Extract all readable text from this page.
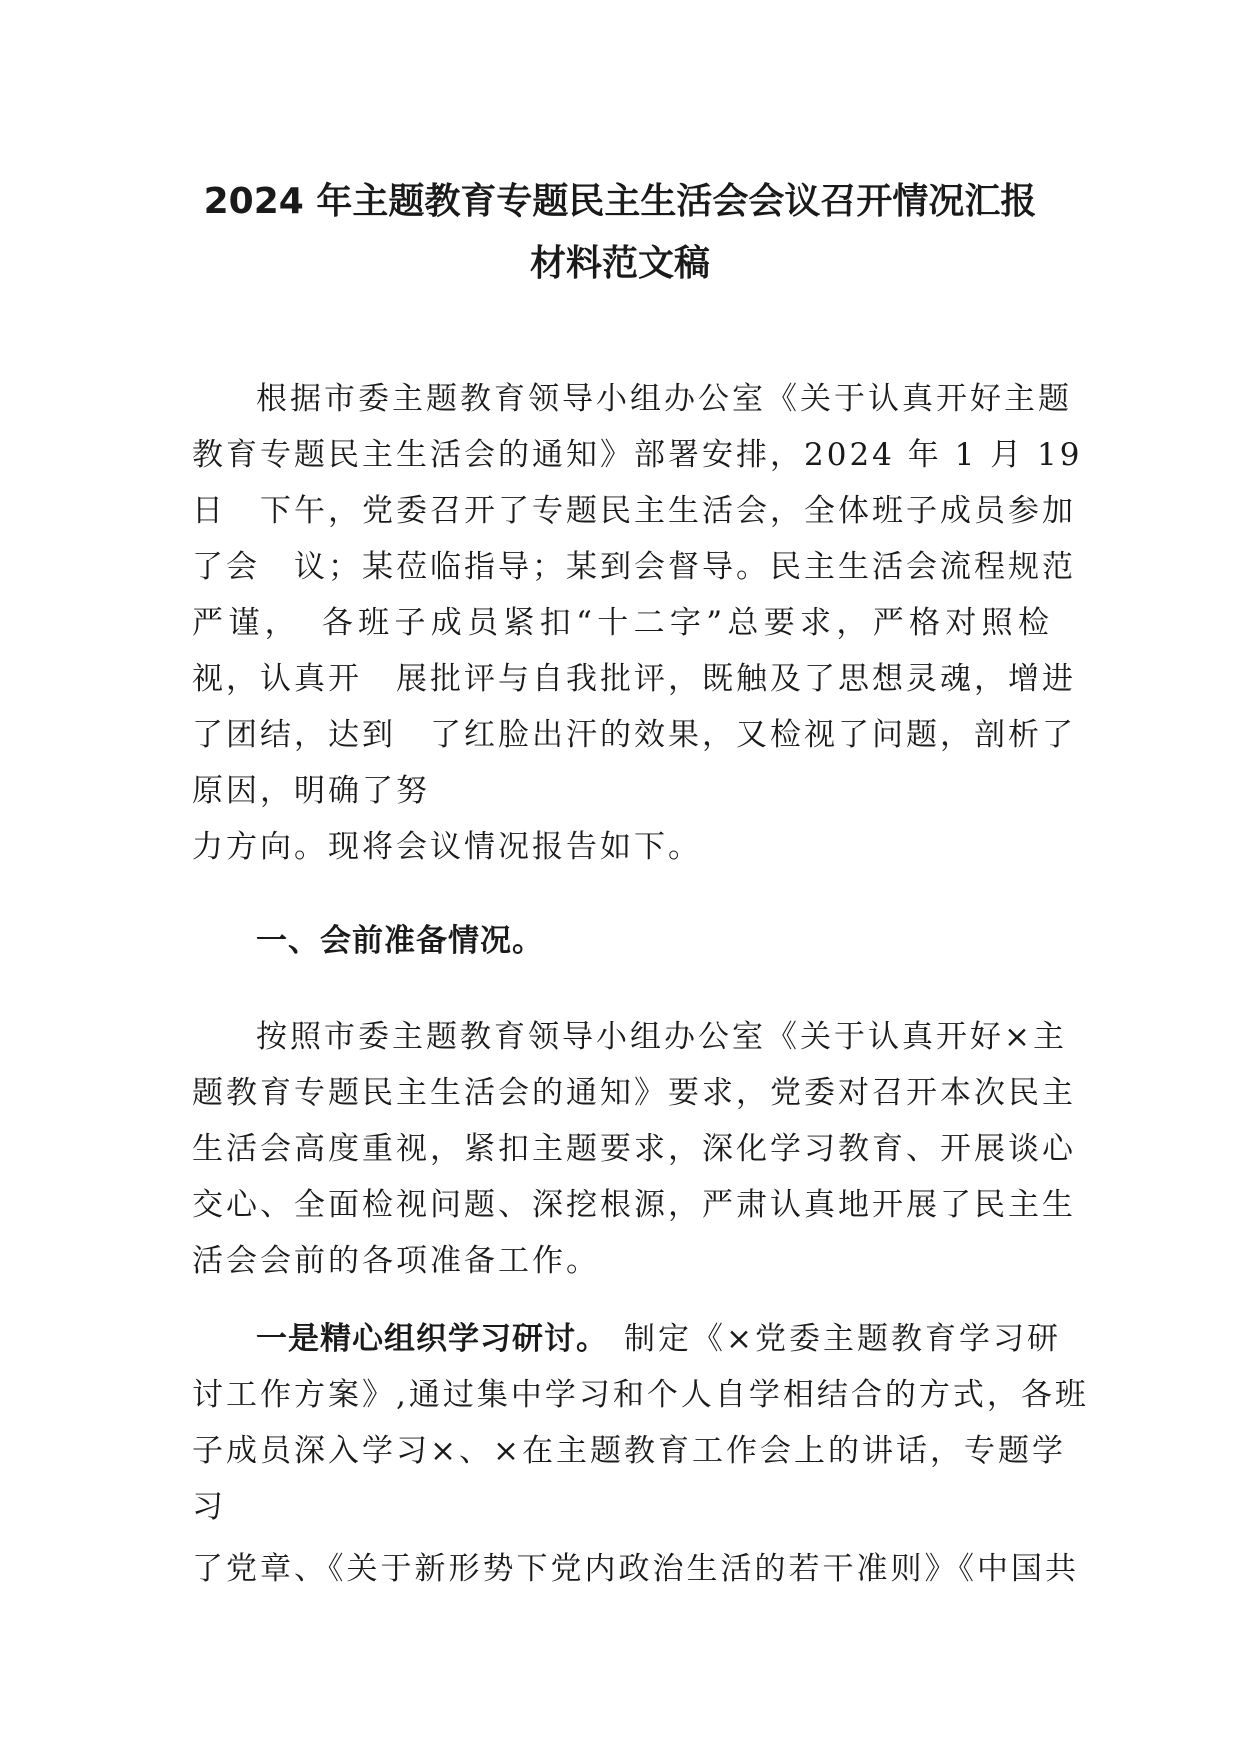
2024 年主题教育专题民主生活会会议召开情况汇报
材料范文稿
根据市委主题教育领导小组办公室《关于认真开好主题
教育专题民主生活会的通知》部署安排，2024 年 1 月 19
日　下午，党委召开了专题民主生活会，全体班子成员参加
了会　议；某莅临指导；某到会督导。民主生活会流程规范
严谨，　各班子成员紧扣“十二字”总要求，严格对照检
视，认真开　展批评与自我批评，既触及了思想灵魂，增进
了团结，达到　了红脸出汗的效果，又检视了问题，剖析了
原因，明确了努
力方向。现将会议情况报告如下。
一、会前准备情况。
按照市委主题教育领导小组办公室《关于认真开好×主
题教育专题民主生活会的通知》要求，党委对召开本次民主
生活会高度重视，紧扣主题要求，深化学习教育、开展谈心
交心、全面检视问题、深挖根源，严肃认真地开展了民主生
活会会前的各项准备工作。
一是精心组织学习研讨。 制定《×党委主题教育学习研
讨工作方案》,通过集中学习和个人自学相结合的方式，各班
子成员深入学习×、×在主题教育工作会上的讲话，专题学
习
了党章、《关于新形势下党内政治生活的若干准则》《中国共
